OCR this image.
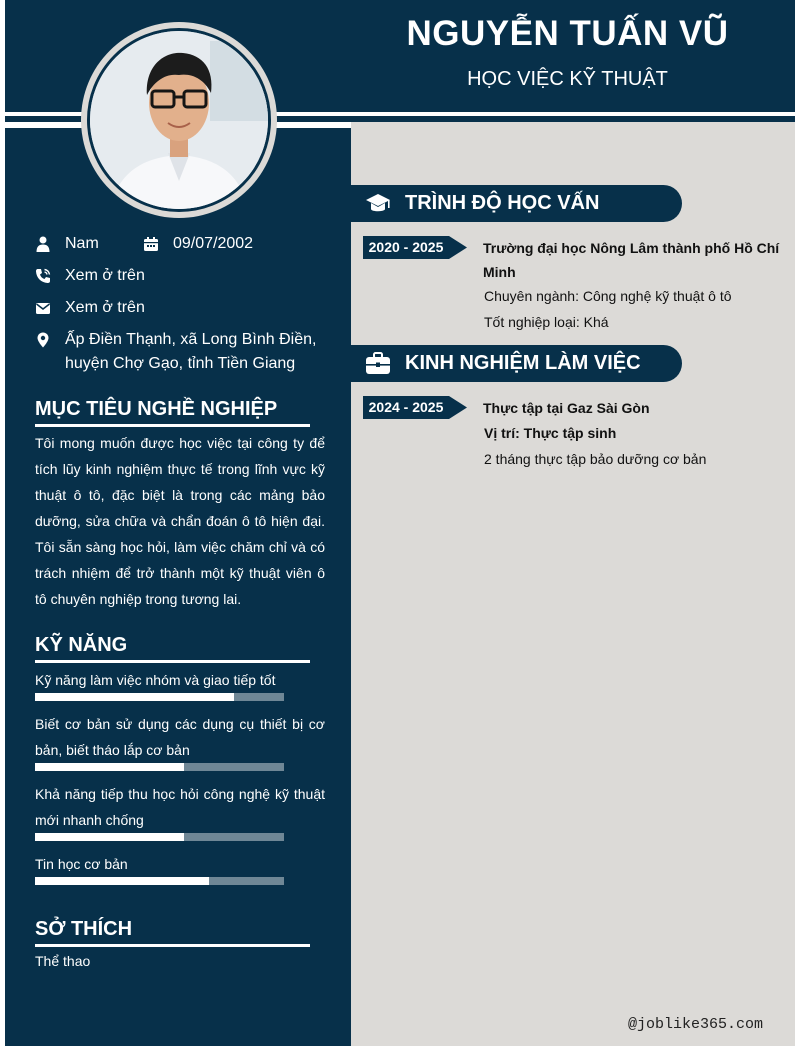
NGUYỄN TUẤN VŨ
HỌC VIỆC KỸ THUẬT
Nam	09/07/2002
Xem ở trên
Xem ở trên
Ấp Điền Thạnh, xã Long Bình Điền,
huyện Chợ Gạo, tỉnh Tiền Giang
MỤC TIÊU NGHỀ NGHIỆP
Tôi mong muốn được học việc tại công ty để tích lũy kinh nghiệm thực tế trong lĩnh vực kỹ thuật ô tô, đặc biệt là trong các mảng bảo dưỡng, sửa chữa và chẩn đoán ô tô hiện đại. Tôi sẵn sàng học hỏi, làm việc chăm chỉ và có trách nhiệm để trở thành một kỹ thuật viên ô tô chuyên nghiệp trong tương lai.
KỸ NĂNG
Kỹ năng làm việc nhóm và giao tiếp tốt
Biết cơ bản sử dụng các dụng cụ thiết bị cơ bản, biết tháo lắp cơ bản
Khả năng tiếp thu học hỏi công nghệ kỹ thuật mới nhanh chống
Tin học cơ bản
SỞ THÍCH
Thể thao
TRÌNH ĐỘ HỌC VẤN
2020 - 2025	Trường đại học Nông Lâm thành phố Hồ Chí
Minh
Chuyên ngành: Công nghệ kỹ thuật ô tô
Tốt nghiệp loại: Khá
KINH NGHIỆM LÀM VIỆC
2024 - 2025	Thực tập tại Gaz Sài Gòn
Vị trí: Thực tập sinh
2 tháng thực tập bảo dưỡng cơ bản
@joblike365.com
